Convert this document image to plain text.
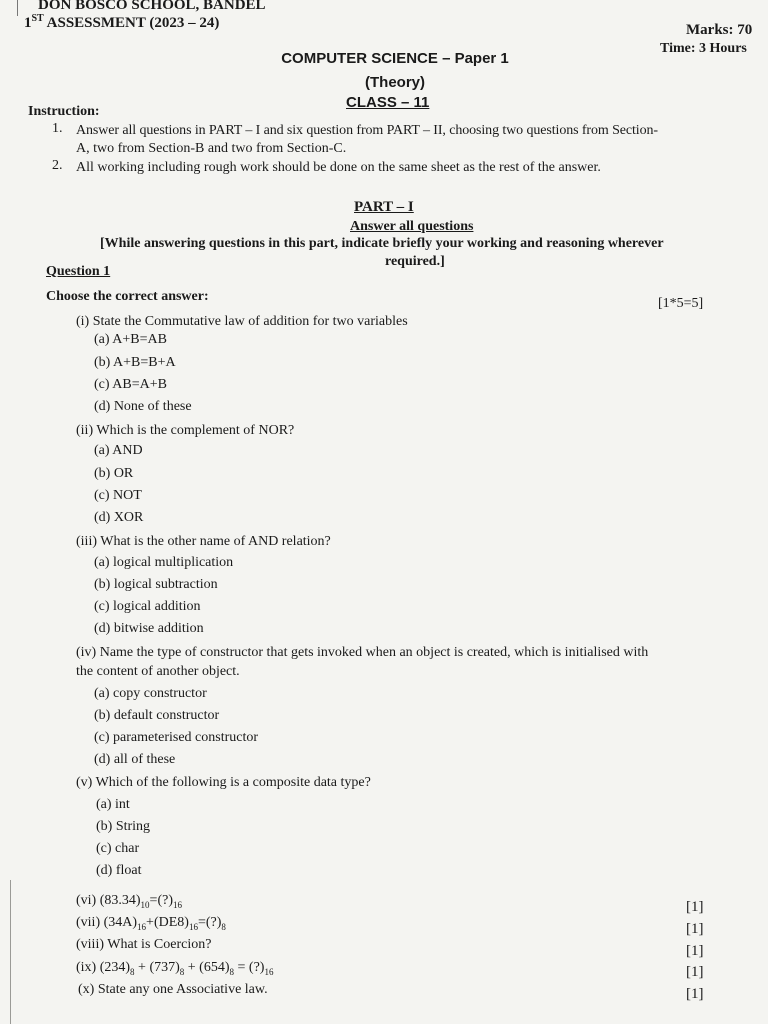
DON BOSCO SCHOOL, BANDEL
1ST ASSESSMENT (2023 – 24)	Marks: 70
Time: 3 Hours
COMPUTER SCIENCE – Paper 1
(Theory)
CLASS – 11
Instruction:
1. Answer all questions in PART – I and six question from PART – II, choosing two questions from Section-
A, two from Section-B and two from Section-C.
2. All working including rough work should be done on the same sheet as the rest of the answer.
PART – I
Answer all questions
[While answering questions in this part, indicate briefly your working and reasoning wherever
required.]
Question 1
Choose the correct answer:	[1*5=5]
(i) State the Commutative law of addition for two variables
(a) A+B=AB
(b) A+B=B+A
(c) AB=A+B
(d) None of these
(ii) Which is the complement of NOR?
(a) AND
(b) OR
(c) NOT
(d) XOR
(iii) What is the other name of AND relation?
(a) logical multiplication
(b) logical subtraction
(c) logical addition
(d) bitwise addition
(iv) Name the type of constructor that gets invoked when an object is created, which is initialised with
the content of another object.
(a) copy constructor
(b) default constructor
(c) parameterised constructor
(d) all of these
(v) Which of the following is a composite data type?
(a) int
(b) String
(c) char
(d) float
(vi) $(83.34)_{10}=(?)_{16}$	[1]
(vii) $(34A)_{16}+(DE8)_{16}=(?)_8$	[1]
(viii) What is Coercion?	[1]
(ix) $(234)_8 + (737)_8 + (654)_8$ = $(?)_{16}$	[1]
(x) State any one Associative law.	[1]
